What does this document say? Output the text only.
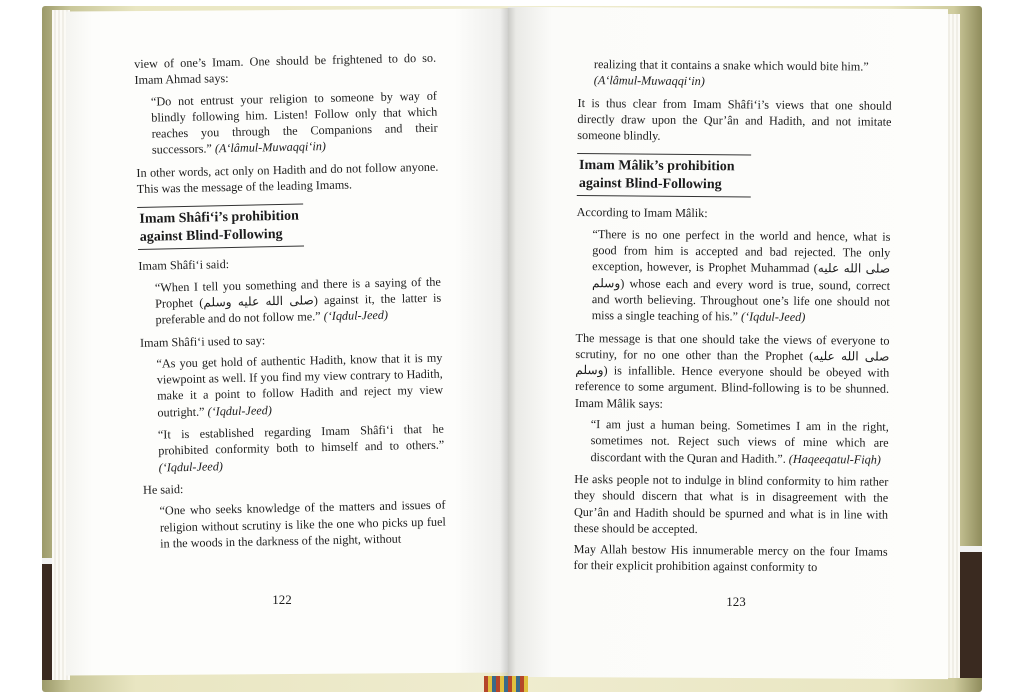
view of one’s Imam. One should be frightened to do so. Imam Ahmad says:

“Do not entrust your religion to someone by way of blindly following him. Listen! Follow only that which reaches you through the Companions and their successors.” (A‘lâmul-Muwaqqi‘in)

In other words, act only on Hadith and do not follow anyone. This was the message of the leading Imams.

Imam Shâfi‘i’s prohibition against Blind-Following

Imam Shâfi‘i said:

“When I tell you something and there is a saying of the Prophet (صلى الله عليه وسلم) against it, the latter is preferable and do not follow me.” (‘Iqdul-Jeed)

Imam Shâfi‘i used to say:

“As you get hold of authentic Hadith, know that it is my viewpoint as well. If you find my view contrary to Hadith, make it a point to follow Hadith and reject my view outright.” (‘Iqdul-Jeed)

“It is established regarding Imam Shâfi‘i that he prohibited conformity both to himself and to others.” (‘Iqdul-Jeed)

He said:

“One who seeks knowledge of the matters and issues of religion without scrutiny is like the one who picks up fuel in the woods in the darkness of the night, without

122

realizing that it contains a snake which would bite him.”
(A‘lâmul-Muwaqqi‘in)

It is thus clear from Imam Shâfi‘i’s views that one should directly draw upon the Qur’ân and Hadith, and not imitate someone blindly.

Imam Mâlik’s prohibition against Blind-Following

According to Imam Mâlik:

“There is no one perfect in the world and hence, what is good from him is accepted and bad rejected. The only exception, however, is Prophet Muhammad (صلى الله عليه وسلم) whose each and every word is true, sound, correct and worth believing. Throughout one’s life one should not miss a single teaching of his.” (‘Iqdul-Jeed)

The message is that one should take the views of everyone to scrutiny, for no one other than the Prophet (صلى الله عليه وسلم) is infallible. Hence everyone should be obeyed with reference to some argument. Blind-following is to be shunned. Imam Mâlik says:

“I am just a human being. Sometimes I am in the right, sometimes not. Reject such views of mine which are discordant with the Quran and Hadith.”. (Haqeeqatul-Fiqh)

He asks people not to indulge in blind conformity to him rather they should discern that what is in disagreement with the Qur’ân and Hadith should be spurned and what is in line with these should be accepted.

May Allah bestow His innumerable mercy on the four Imams for their explicit prohibition against conformity to

123
